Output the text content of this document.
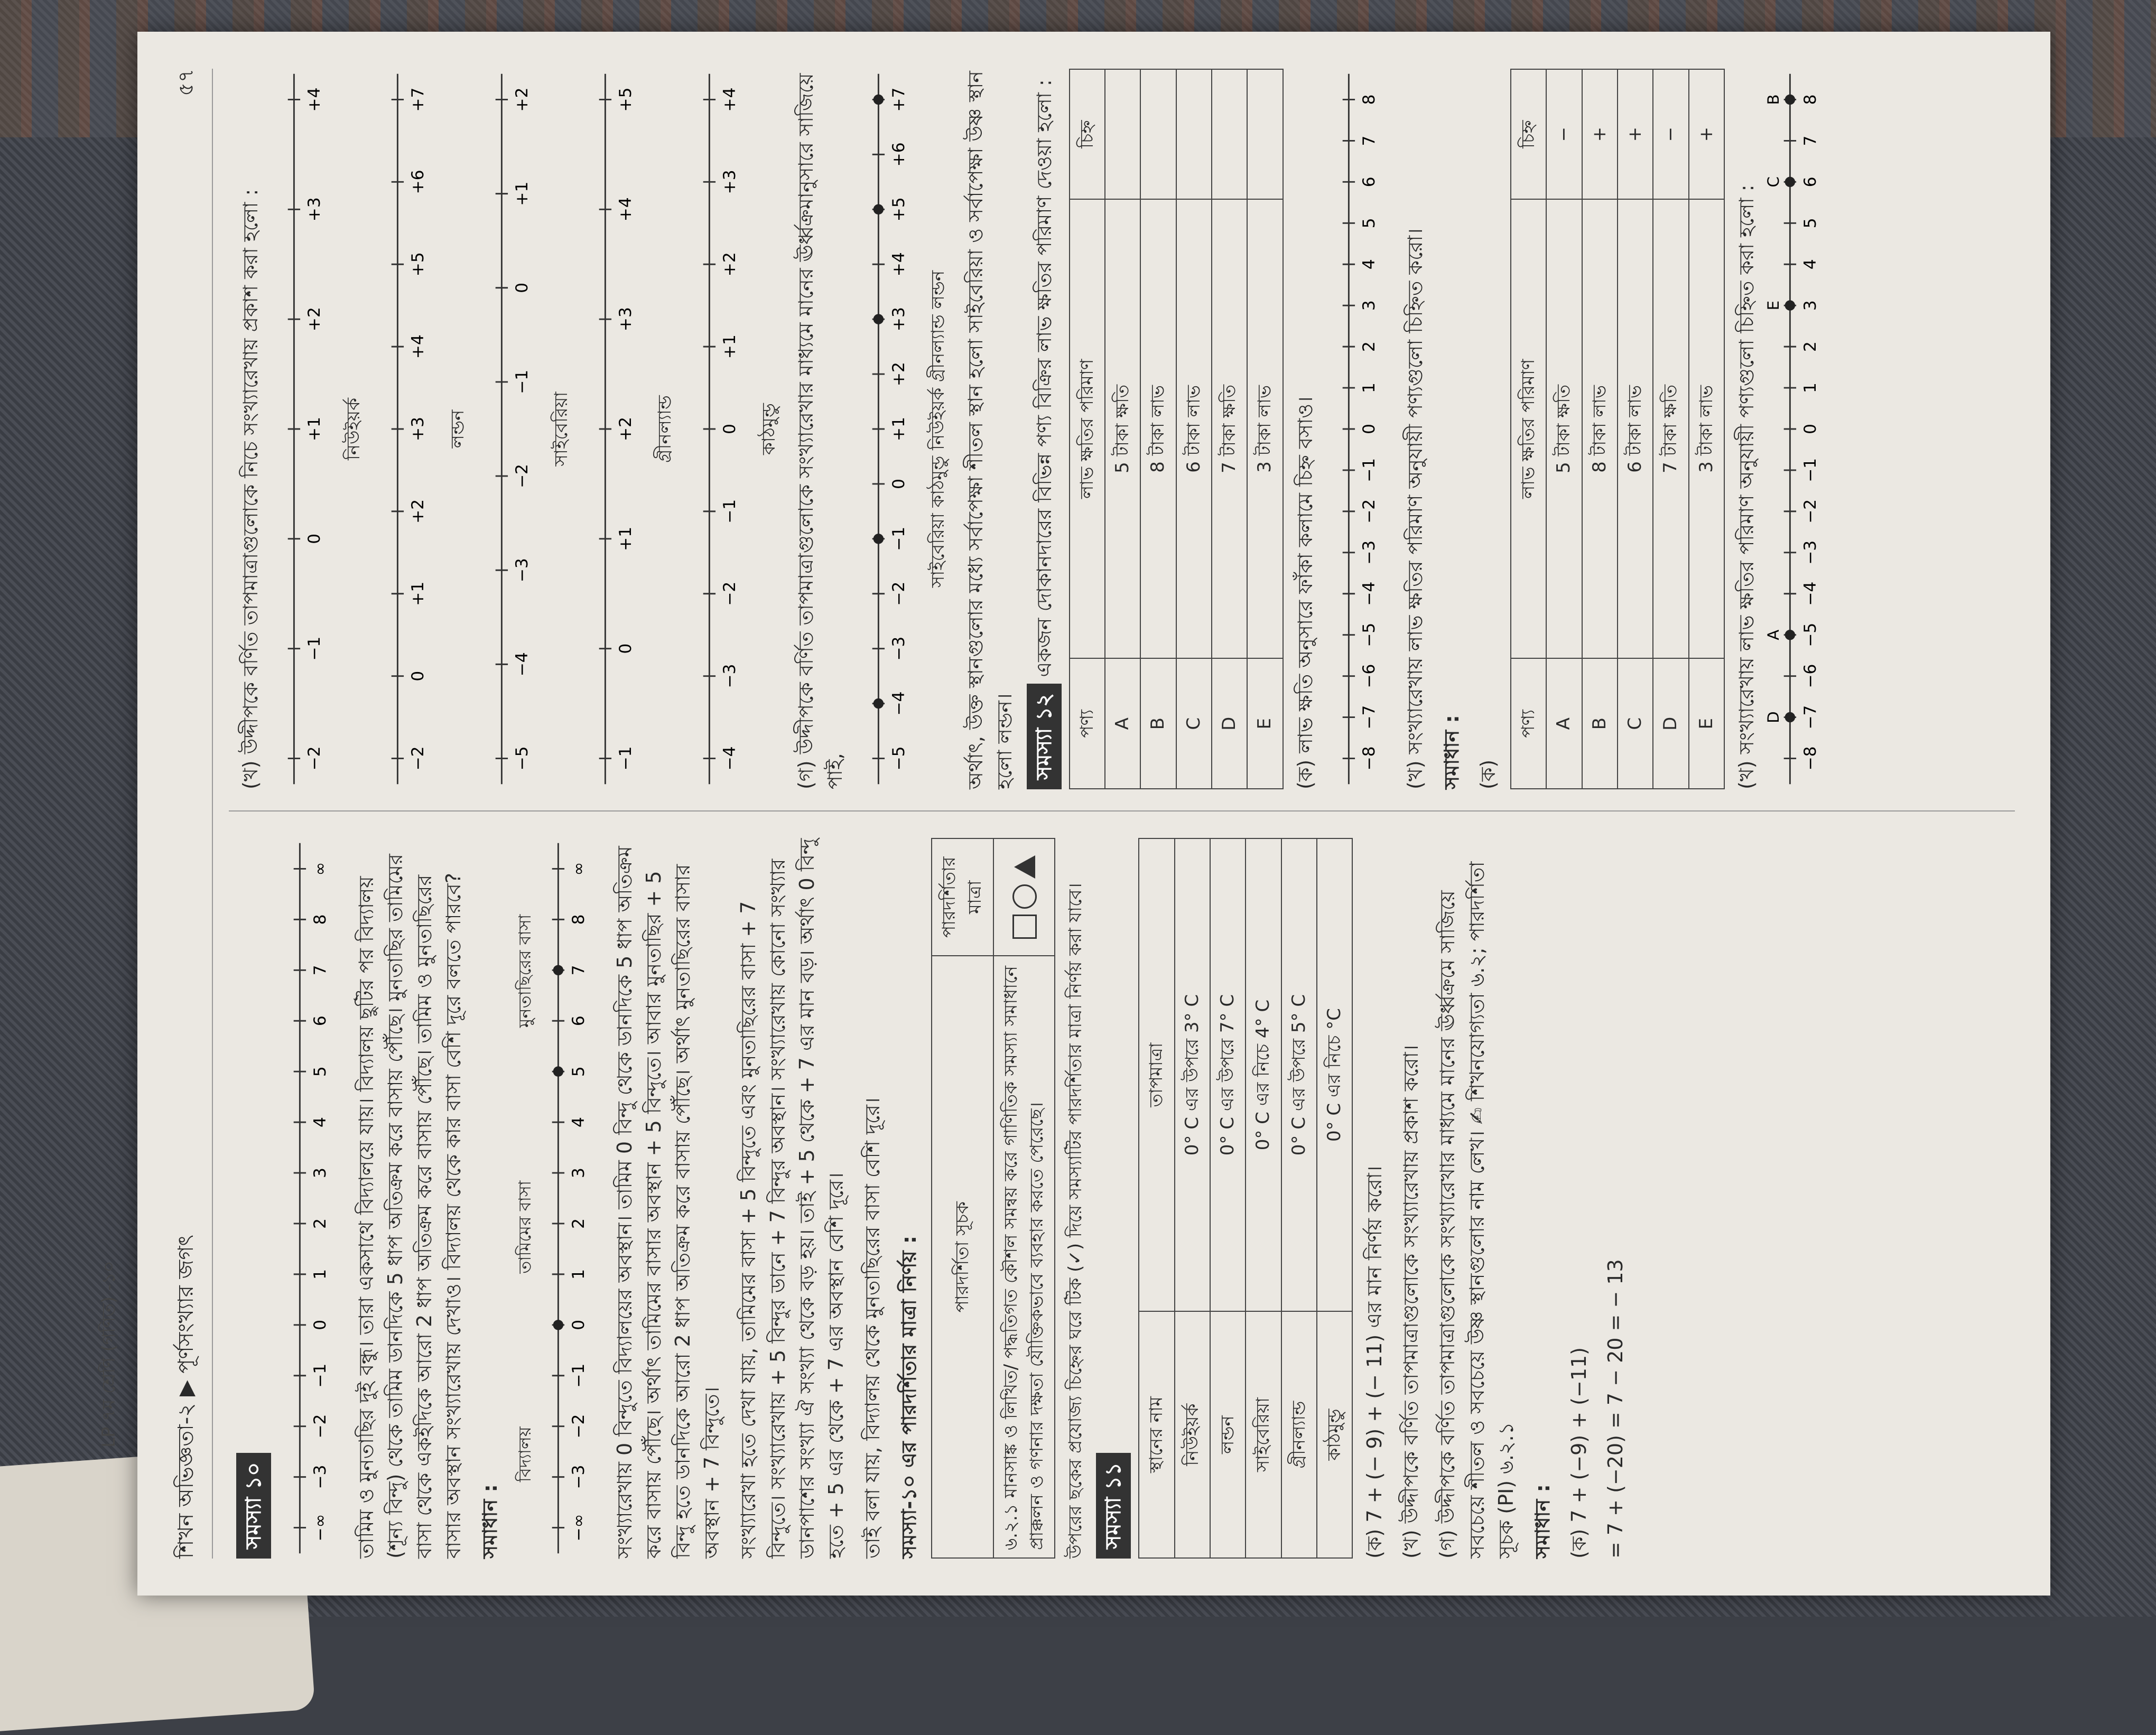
শিখন অভিজ্ঞতা-২ ▶ পূর্ণসংখ্যার জগৎ
৫৭
সমস্যা ১০	−∞
−3
−2
−1
0
1
2
3
4
5
6
7
8
∞
তামিম ও মুনতাছির দুই বন্ধু। তারা একসাথে বিদ্যালয়ে যায়। বিদ্যালয় ছুটির পর বিদ্যালয় (শূন্য বিন্দু) থেকে তামিম ডানদিকে 5 ধাপ অতিক্রম করে বাসায় পৌঁছে। মুনতাছির তামিমের বাসা থেকে একইদিকে আরো 2 ধাপ অতিক্রম করে বাসায় পৌঁছে। তামিম ও মুনতাছিরের বাসার অবস্থান সংখ্যারেখায় দেখাও। বিদ্যালয় থেকে কার বাসা বেশি দূরে বলতে পারবে? সমাধান :
বিদ্যালয়
তামিমের বাসা
মুনতাছিরের বাসা
−∞
−3
−2
−1
0
1
2
3
4
5
6
7
8
∞ সংখ্যারেখায় 0 বিন্দুতে বিদ্যালয়ের অবস্থান। তামিম 0 বিন্দু থেকে ডানদিকে 5 ধাপ অতিক্রম করে বাসায় পৌঁছে। অর্থাৎ তামিমের বাসার অবস্থান + 5 বিন্দুতে। আবার মুনতাছির + 5 বিন্দু হতে ডানদিকে আরো 2 ধাপ অতিক্রম করে বাসায় পৌঁছে। অর্থাৎ মুনতাছিরের বাসার অবস্থান + 7 বিন্দুতে। সংখ্যারেখা হতে দেখা যায়, তামিমের বাসা + 5 বিন্দুতে এবং মুনতাছিরের বাসা + 7 বিন্দুতে। সংখ্যারেখায় + 5 বিন্দুর ডানে + 7 বিন্দুর অবস্থান। সংখ্যারেখায় কোনো সংখ্যার ডানপাশের সংখ্যা ঐ সংখ্যা থেকে বড় হয়। তাই + 5 থেকে + 7 এর মান বড়। অর্থাৎ 0 বিন্দু হতে + 5 এর থেকে + 7 এর অবস্থান বেশি দূরে। তাই বলা যায়, বিদ্যালয় থেকে মুনতাছিরের বাসা বেশি দূরে। সমস্যা-১০ এর পারদর্শিতার মাত্রা নির্ণয় : পারদর্শিতা সূচক	পারদর্শিতার মাত্রা
৬.২.১ মানসাঙ্ক ও লিখিত/ পদ্ধতিগত কৌশল সমন্বয় করে গাণিতিক সমস্যা সমাধানে প্রাক্কলন ও গণনার দক্ষতা যৌক্তিকভাবে ব্যবহার করতে পেরেছে।	উপরের ছকের প্রযোজ্য চিহ্নের ঘরে টিক (✓) দিয়ে সমস্যাটির পারদর্শিতার মাত্রা নির্ণয় করা যাবে। সমস্যা ১১
স্থানের নাম	তাপমাত্রা
নিউইয়র্ক	0° C এর উপরে 3° C
লন্ডন	0° C এর উপরে 7° C
সাইবেরিয়া	0° C এর নিচে 4° C
গ্রীনল্যান্ড	0° C এর উপরে 5° C
কাঠমুন্ডু	0° C এর নিচে °C
(ক) 7 + (− 9) + (− 11) এর মান নির্ণয় করো। (খ) উদ্দীপকে বর্ণিত তাপমাত্রাগুলোকে সংখ্যারেখায় প্রকাশ করো। (গ) উদ্দীপকে বর্ণিত তাপমাত্রাগুলোকে সংখ্যারেখার মাধ্যমে মানের ঊর্ধ্বক্রমে সাজিয়ে সবচেয়ে শীতল ও সবচেয়ে উষ্ণ স্থানগুলোর নাম লেখ। ✍ শিখনযোগ্যতা ৬.২; পারদর্শিতা সূচক (PI) ৬.২.১ সমাধান : (ক) 7 + (−9) + (−11) = 7 + (−20) = 7 − 20 = − 13
(খ) উদ্দীপকে বর্ণিত তাপমাত্রাগুলোকে নিচে সংখ্যারেখায় প্রকাশ করা হলো :	−2
−1
0
+1
+2
+3
+4
নিউইয়র্ক
−2
0
+1
+2
+3
+4
+5
+6
+7
লন্ডন
−5
−4
−3
−2
−1
0
+1
+2
সাইবেরিয়া
−1
0
+1
+2
+3
+4
+5
গ্রীনল্যান্ড
−4
−3
−2
−1
0
+1
+2
+3
+4
কাঠমুন্ডু (গ) উদ্দীপকে বর্ণিত তাপমাত্রাগুলোকে সংখ্যারেখার মাধ্যমে মানের ঊর্ধ্বক্রমানুসারে সাজিয়ে পাই,	−5
−4
−3
−2
−1
0
+1
+2
+3
+4
+5
+6
+7
সাইবেরিয়া কাঠমুন্ডু নিউইয়র্ক গ্রীনল্যান্ড লন্ডন অর্থাৎ, উক্ত স্থানগুলোর মধ্যে সর্বাপেক্ষা শীতল স্থান হলো সাইবেরিয়া ও সর্বাপেক্ষা উষ্ণ স্থান হলো লন্ডন। সমস্যা ১২ একজন দোকানদারের বিভিন্ন পণ্য বিক্রির লাভ ক্ষতির পরিমাণ দেওয়া হলো :
পণ্য	লাভ ক্ষতির পরিমাণ	চিহ্ন
A	5 টাকা ক্ষতি	
B	8 টাকা লাভ	
C	6 টাকা লাভ	
D	7 টাকা ক্ষতি	
E	3 টাকা লাভ	(ক) লাভ ক্ষতি অনুসারে ফাঁকা কলামে চিহ্ন বসাও।	−8
−7
−6
−5
−4
−3
−2
−1
0
1
2
3
4
5
6
7
8
(খ) সংখ্যারেখায় লাভ ক্ষতির পরিমাণ অনুযায়ী পণ্যগুলো চিহ্নিত করো। সমাধান : (ক)
পণ্য	লাভ ক্ষতির পরিমাণ	চিহ্ন
A	5 টাকা ক্ষতি	−
B	8 টাকা লাভ	+
C	6 টাকা লাভ	+
D	7 টাকা ক্ষতি	−
E	3 টাকা লাভ	+
(খ) সংখ্যারেখায় লাভ ক্ষতির পরিমাণ অনুযায়ী পণ্যগুলো চিহ্নিত করা হলো :	−8
−7
−6
−5
−4
−3
−2
−1
0
1
2
3
4
5
6
7
8
D
A
E
C
B
LP ৭ম শ্রেণি (গণিত) -১০
